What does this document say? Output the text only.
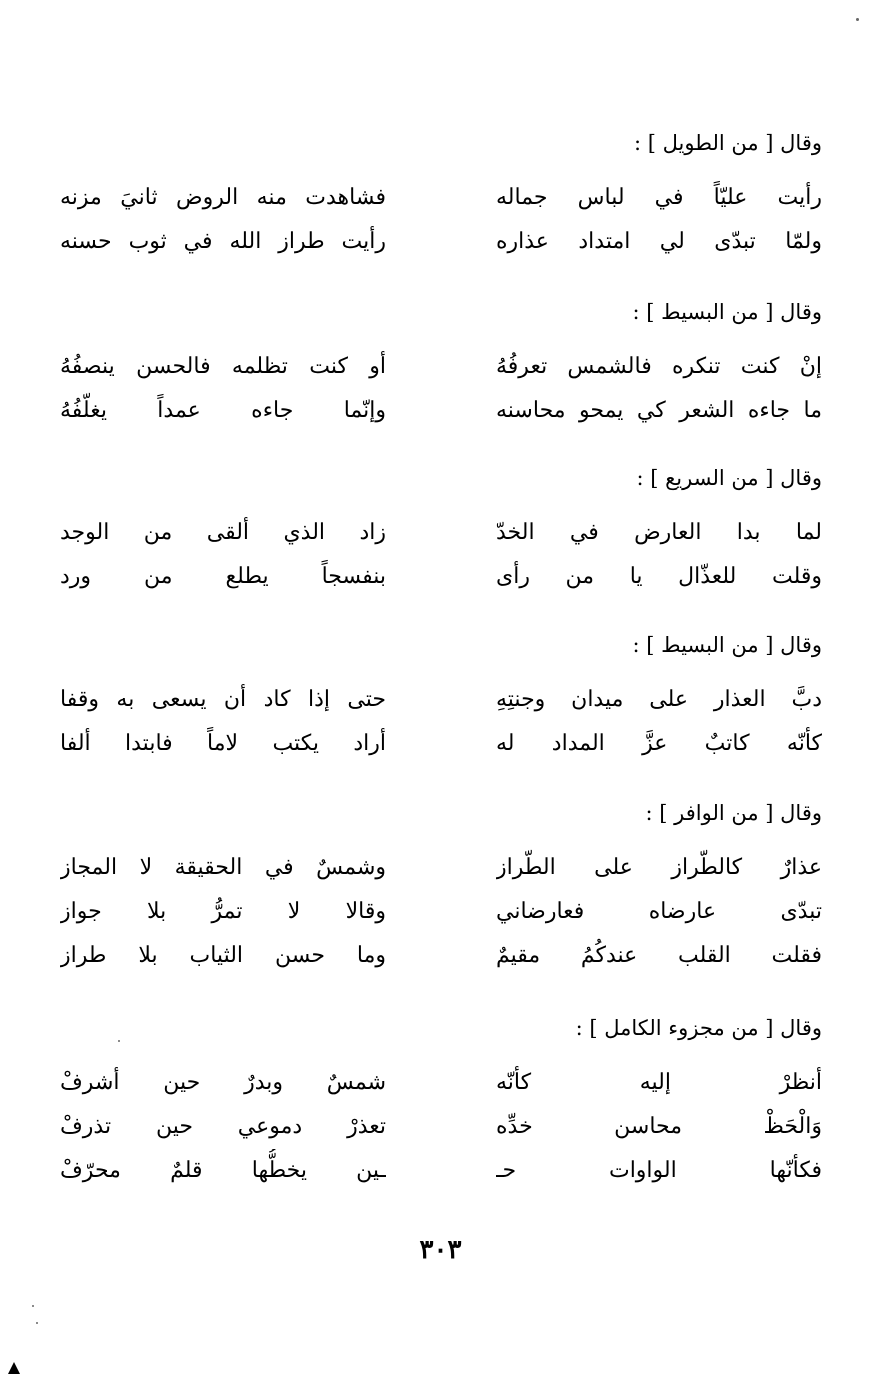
وقال [ من الطويل ] :
رأيت عليّاً في لباس جماله
فشاهدت منه الروض ثانيَ مزنه
ولمّا تبدّى لي امتداد عذاره
رأيت طراز الله في ثوب حسنه
وقال [ من البسيط ] :
إنْ كنت تنكره فالشمس تعرفُهُ
أو كنت تظلمه فالحسن ينصفُهُ
ما جاءه الشعر كي يمحو محاسنه
وإنّما جاءه عمداً يغلّفُهُ
وقال [ من السريع ] :
لما بدا العارض في الخدّ
زاد الذي ألقى من الوجد
وقلت للعذّال يا من رأى
بنفسجاً يطلع من ورد
وقال [ من البسيط ] :
دبَّ العذار على ميدان وجنتِهِ
حتى إذا كاد أن يسعى به وقفا
كأنّه كاتبٌ عزَّ المداد له
أراد يكتب لاماً فابتدا ألفا
وقال [ من الوافر ] :
عذارٌ كالطّراز على الطّراز
وشمسٌ في الحقيقة لا المجاز
تبدّى عارضاه فعارضاني
وقالا لا تمرُّ بلا جواز
فقلت القلب عندكُمُ مقيمٌ
وما حسن الثياب بلا طراز
وقال [ من مجزوء الكامل ] :
أنظرْ إليه كأنّه
شمسٌ وبدرٌ حين أشرفْ
وَالْحَظْ محاسن خدِّه
تعذرْ دموعي حين تذرفْ
فكأنّها الواوات حـ
ـين يخطُّها قلمٌ محرّفْ
٣٠٣
